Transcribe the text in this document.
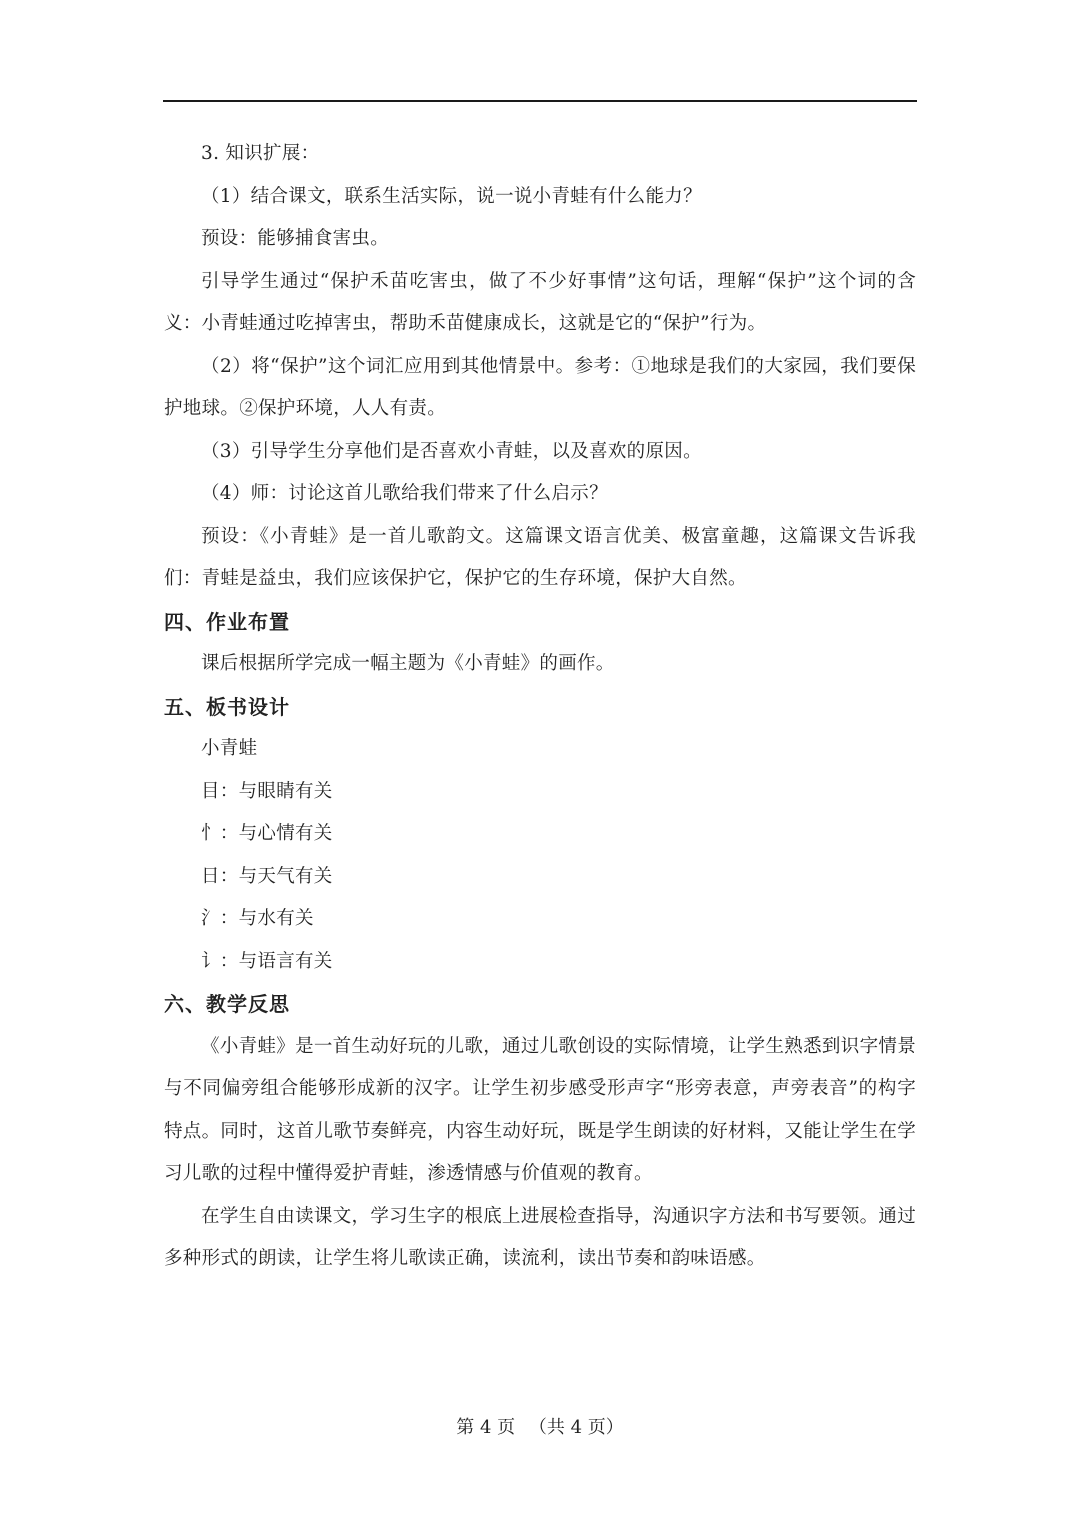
3. 知识扩展：

（1）结合课文，联系生活实际，说一说小青蛙有什么能力？

预设：能够捕食害虫。

引导学生通过“保护禾苗吃害虫，做了不少好事情”这句话，理解“保护”这个词的含义：小青蛙通过吃掉害虫，帮助禾苗健康成长，这就是它的“保护”行为。

（2）将“保护”这个词汇应用到其他情景中。参考：①地球是我们的大家园，我们要保护地球。②保护环境，人人有责。

（3）引导学生分享他们是否喜欢小青蛙，以及喜欢的原因。

（4）师：讨论这首儿歌给我们带来了什么启示？

预设：《小青蛙》是一首儿歌韵文。这篇课文语言优美、极富童趣，这篇课文告诉我们：青蛙是益虫，我们应该保护它，保护它的生存环境，保护大自然。

四、作业布置

课后根据所学完成一幅主题为《小青蛙》的画作。

五、板书设计

小青蛙

目：与眼睛有关

忄：与心情有关

日：与天气有关

氵：与水有关

讠：与语言有关

六、教学反思

《小青蛙》是一首生动好玩的儿歌，通过儿歌创设的实际情境，让学生熟悉到识字情景与不同偏旁组合能够形成新的汉字。让学生初步感受形声字“形旁表意，声旁表音”的构字特点。同时，这首儿歌节奏鲜亮，内容生动好玩，既是学生朗读的好材料，又能让学生在学习儿歌的过程中懂得爱护青蛙，渗透情感与价值观的教育。

在学生自由读课文，学习生字的根底上进展检查指导，沟通识字方法和书写要领。通过多种形式的朗读，让学生将儿歌读正确，读流利，读出节奏和韵味语感。

第 4 页 （共 4 页）
